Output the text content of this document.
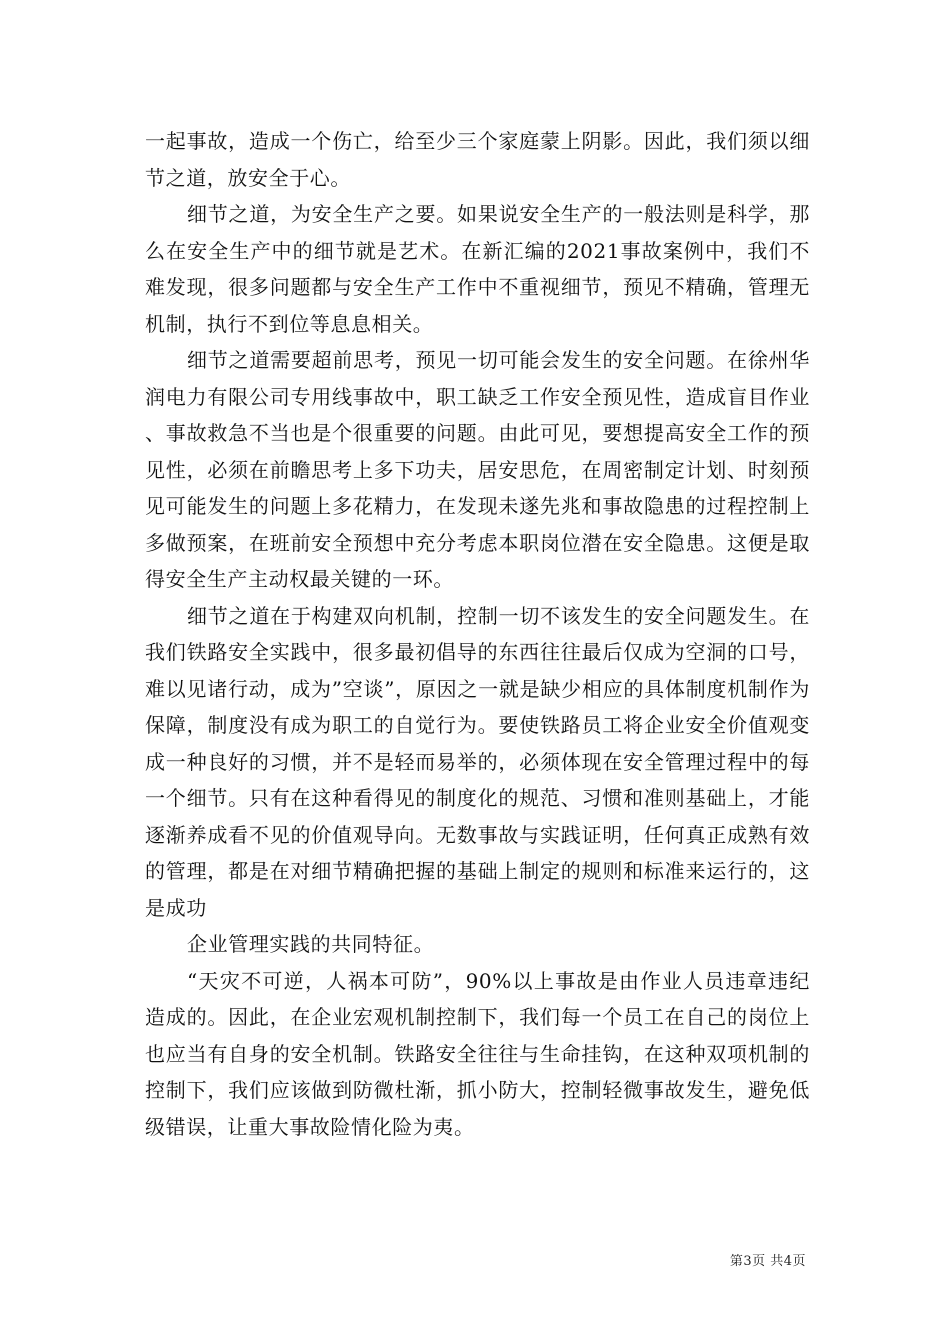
一起事故，造成一个伤亡，给至少三个家庭蒙上阴影。因此，我们须以细节之道，放安全于心。

细节之道，为安全生产之要。如果说安全生产的一般法则是科学，那么在安全生产中的细节就是艺术。在新汇编的2021事故案例中，我们不难发现，很多问题都与安全生产工作中不重视细节，预见不精确，管理无机制，执行不到位等息息相关。

细节之道需要超前思考，预见一切可能会发生的安全问题。在徐州华润电力有限公司专用线事故中，职工缺乏工作安全预见性，造成盲目作业、事故救急不当也是个很重要的问题。由此可见，要想提高安全工作的预见性，必须在前瞻思考上多下功夫，居安思危，在周密制定计划、时刻预见可能发生的问题上多花精力，在发现未遂先兆和事故隐患的过程控制上多做预案，在班前安全预想中充分考虑本职岗位潜在安全隐患。这便是取得安全生产主动权最关键的一环。

细节之道在于构建双向机制，控制一切不该发生的安全问题发生。在我们铁路安全实践中，很多最初倡导的东西往往最后仅成为空洞的口号，难以见诸行动，成为”空谈”，原因之一就是缺少相应的具体制度机制作为保障，制度没有成为职工的自觉行为。要使铁路员工将企业安全价值观变成一种良好的习惯，并不是轻而易举的，必须体现在安全管理过程中的每一个细节。只有在这种看得见的制度化的规范、习惯和准则基础上，才能逐渐养成看不见的价值观导向。无数事故与实践证明，任何真正成熟有效的管理，都是在对细节精确把握的基础上制定的规则和标准来运行的，这是成功

企业管理实践的共同特征。

“天灾不可逆，人祸本可防”，90%以上事故是由作业人员违章违纪造成的。因此，在企业宏观机制控制下，我们每一个员工在自己的岗位上也应当有自身的安全机制。铁路安全往往与生命挂钩，在这种双项机制的控制下，我们应该做到防微杜渐，抓小防大，控制轻微事故发生，避免低级错误，让重大事故险情化险为夷。

第3页 共4页
